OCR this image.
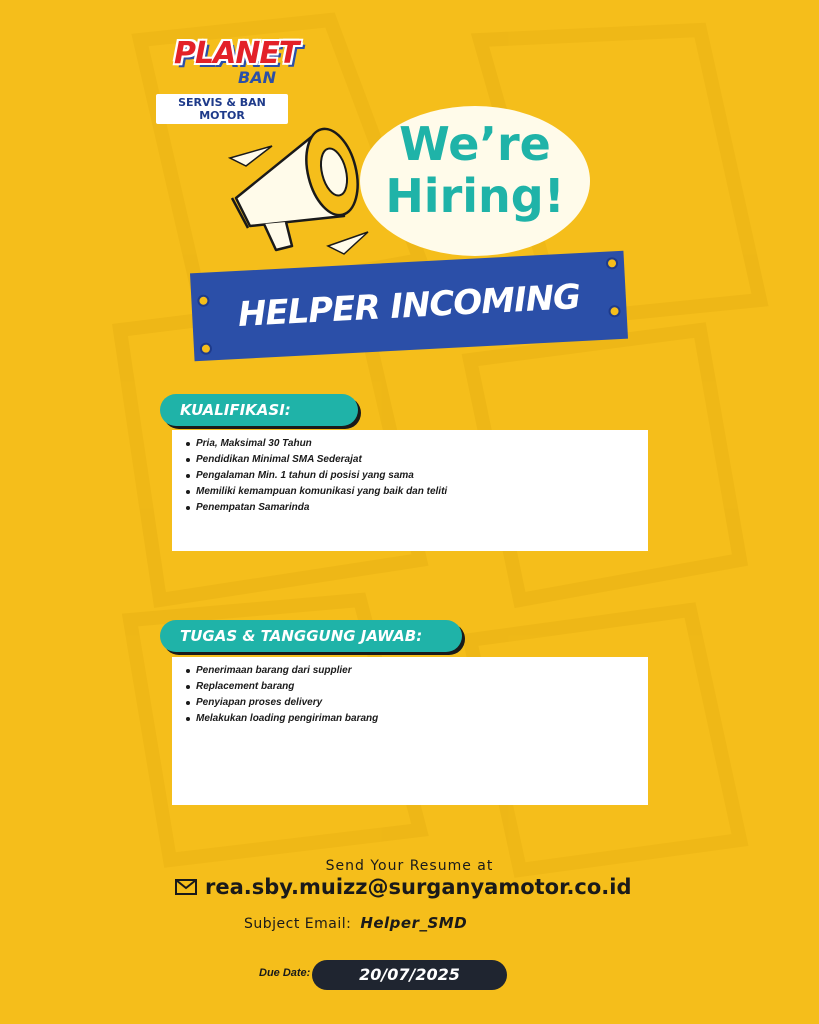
PLANET
BAN
SERVIS & BAN MOTOR
We’re
Hiring!
HELPER INCOMING
KUALIFIKASI:
Pria, Maksimal 30 Tahun
Pendidikan Minimal SMA Sederajat
Pengalaman Min. 1 tahun di posisi yang sama
Memiliki kemampuan komunikasi yang baik dan teliti
Penempatan Samarinda
TUGAS & TANGGUNG JAWAB:
Penerimaan barang dari supplier
Replacement barang
Penyiapan proses delivery
Melakukan loading pengiriman barang
Send Your Resume at
rea.sby.muizz@surganyamotor.co.id
Subject Email: Helper_SMD
Due Date:	20/07/2025
